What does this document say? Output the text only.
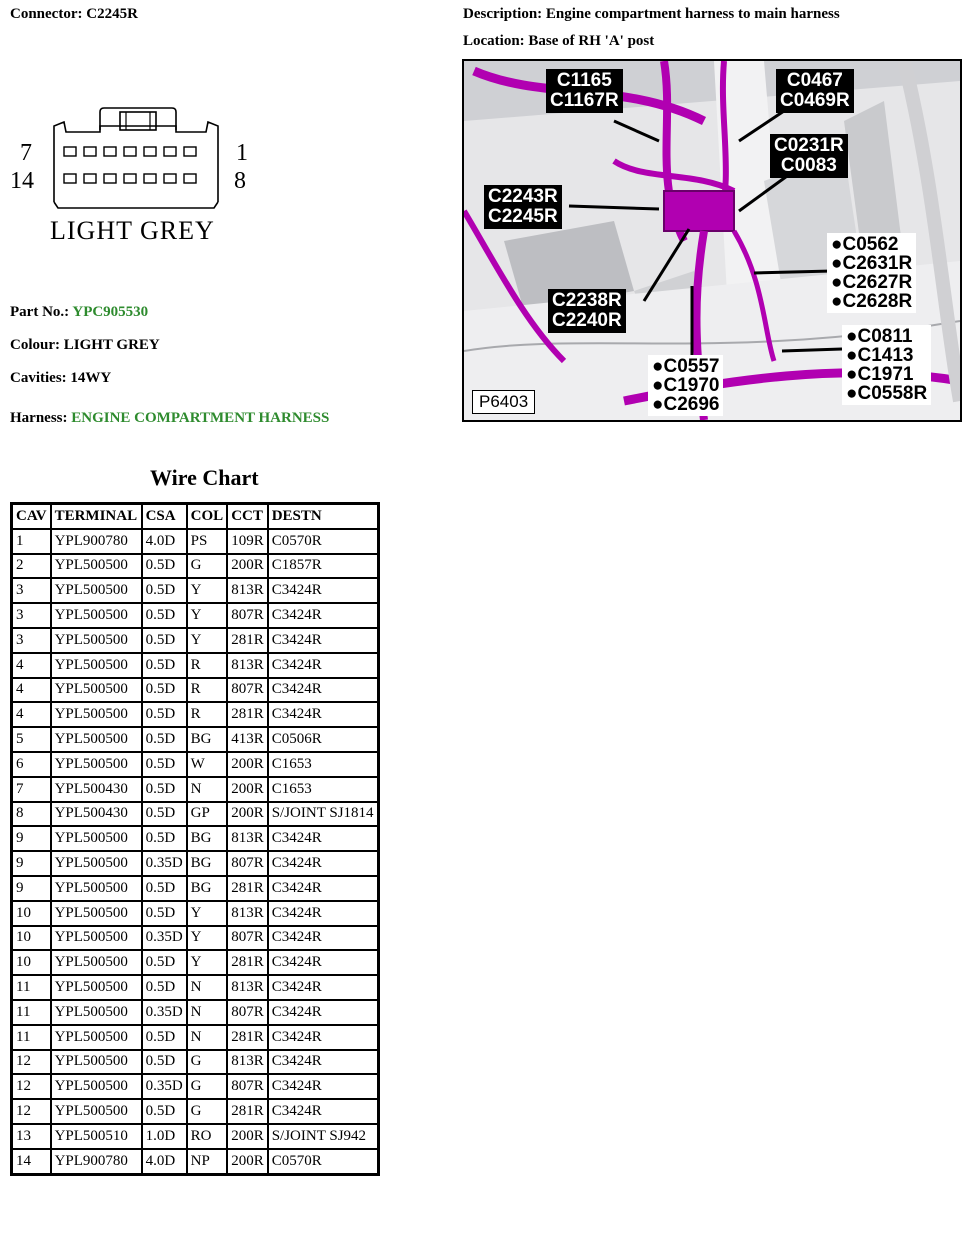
Connector: C2245R	Description: Engine compartment harness to main harness
Location: Base of RH 'A' post
7
14
1
8
LIGHT GREY
Part No.: YPC905530
Colour: LIGHT GREY
Cavities: 14WY
Harness: ENGINE COMPARTMENT HARNESS
C1165
C1167R
C0467
C0469R
C0231R
C0083
C2243R
C2245R
C2238R
C2240R
●C0562
●C2631R
●C2627R
●C2628R
●C0811
●C1413
●C1971
●C0558R
●C0557
●C1970
●C2696
P6403
Wire Chart
CAV	TERMINAL	CSA	COL	CCT	DESTN
1	YPL900780	4.0D	PS	109R	C0570R
2	YPL500500	0.5D	G	200R	C1857R
3	YPL500500	0.5D	Y	813R	C3424R
3	YPL500500	0.5D	Y	807R	C3424R
3	YPL500500	0.5D	Y	281R	C3424R
4	YPL500500	0.5D	R	813R	C3424R
4	YPL500500	0.5D	R	807R	C3424R
4	YPL500500	0.5D	R	281R	C3424R
5	YPL500500	0.5D	BG	413R	C0506R
6	YPL500500	0.5D	W	200R	C1653
7	YPL500430	0.5D	N	200R	C1653
8	YPL500430	0.5D	GP	200R	S/JOINT SJ1814
9	YPL500500	0.5D	BG	813R	C3424R
9	YPL500500	0.35D	BG	807R	C3424R
9	YPL500500	0.5D	BG	281R	C3424R
10	YPL500500	0.5D	Y	813R	C3424R
10	YPL500500	0.35D	Y	807R	C3424R
10	YPL500500	0.5D	Y	281R	C3424R
11	YPL500500	0.5D	N	813R	C3424R
11	YPL500500	0.35D	N	807R	C3424R
11	YPL500500	0.5D	N	281R	C3424R
12	YPL500500	0.5D	G	813R	C3424R
12	YPL500500	0.35D	G	807R	C3424R
12	YPL500500	0.5D	G	281R	C3424R
13	YPL500510	1.0D	RO	200R	S/JOINT SJ942
14	YPL900780	4.0D	NP	200R	C0570R
